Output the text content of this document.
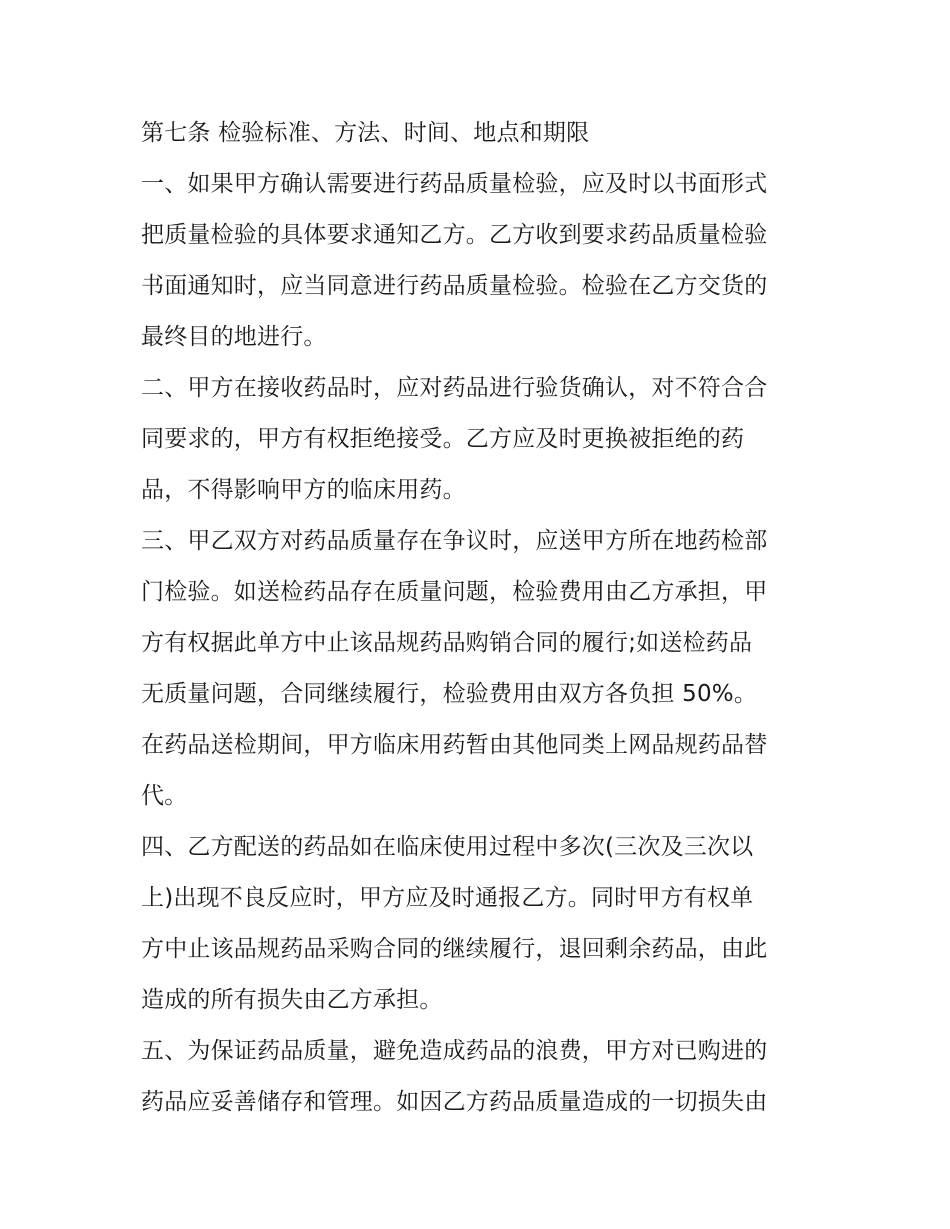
第七条 检验标准、方法、时间、地点和期限
一、如果甲方确认需要进行药品质量检验，应及时以书面形式
把质量检验的具体要求通知乙方。乙方收到要求药品质量检验
书面通知时，应当同意进行药品质量检验。检验在乙方交货的
最终目的地进行。
二、甲方在接收药品时，应对药品进行验货确认，对不符合合
同要求的，甲方有权拒绝接受。乙方应及时更换被拒绝的药
品，不得影响甲方的临床用药。
三、甲乙双方对药品质量存在争议时，应送甲方所在地药检部
门检验。如送检药品存在质量问题，检验费用由乙方承担，甲
方有权据此单方中止该品规药品购销合同的履行;如送检药品
无质量问题，合同继续履行，检验费用由双方各负担 50%。
在药品送检期间，甲方临床用药暂由其他同类上网品规药品替
代。
四、乙方配送的药品如在临床使用过程中多次(三次及三次以
上)出现不良反应时，甲方应及时通报乙方。同时甲方有权单
方中止该品规药品采购合同的继续履行，退回剩余药品，由此
造成的所有损失由乙方承担。
五、为保证药品质量，避免造成药品的浪费，甲方对已购进的
药品应妥善储存和管理。如因乙方药品质量造成的一切损失由
